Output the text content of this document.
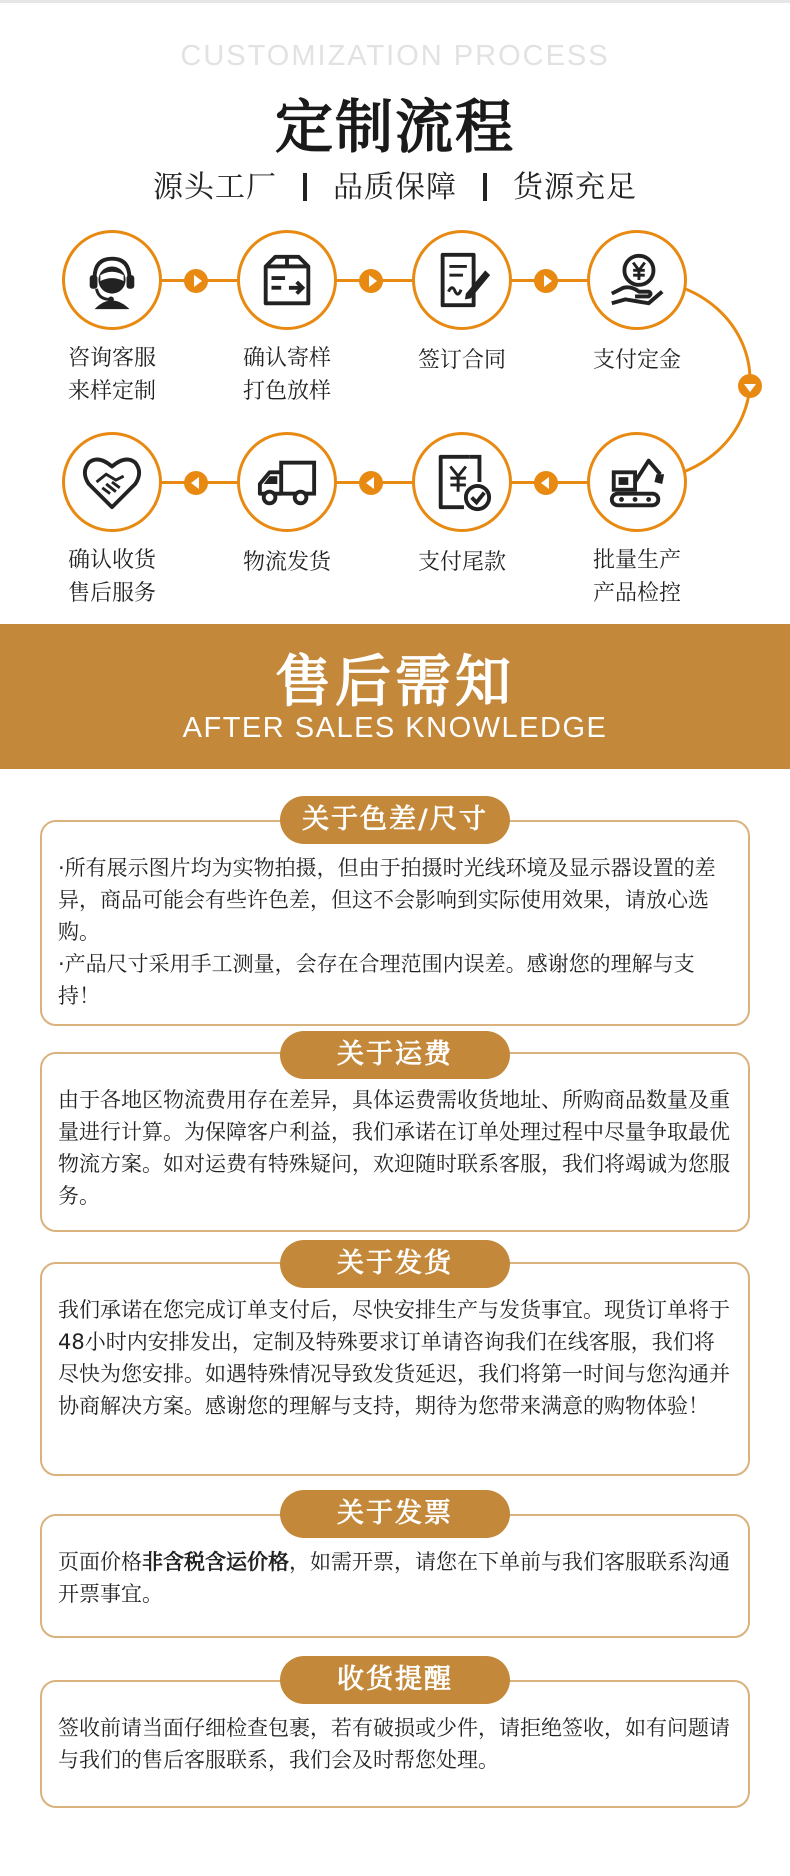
CUSTOMIZATION PROCESS
定制流程
源头工厂 品质保障 货源充足
咨询客服
来样定制
确认寄样
打色放样
签订合同	支付定金
批量生产
产品检控
支付尾款
物流发货
确认收货
售后服务
售后需知
AFTER SALES KNOWLEDGE

·所有展示图片均为实物拍摄，但由于拍摄时光线环境及显示器设置的差异，商品可能会有些许色差，但这不会影响到实际使用效果，请放心选购。

·产品尺寸采用手工测量，会存在合理范围内误差。感谢您的理解与支持！

关于色差/尺寸

由于各地区物流费用存在差异，具体运费需收货地址、所购商品数量及重量进行计算。为保障客户利益，我们承诺在订单处理过程中尽量争取最优物流方案。如对运费有特殊疑问，欢迎随时联系客服，我们将竭诚为您服务。

关于运费

我们承诺在您完成订单支付后，尽快安排生产与发货事宜。现货订单将于48小时内安排发出，定制及特殊要求订单请咨询我们在线客服，我们将尽快为您安排。如遇特殊情况导致发货延迟，我们将第一时间与您沟通并协商解决方案。感谢您的理解与支持，期待为您带来满意的购物体验！

关于发货

页面价格非含税含运价格，如需开票，请您在下单前与我们客服联系沟通开票事宜。

关于发票

签收前请当面仔细检查包裹，若有破损或少件，请拒绝签收，如有问题请与我们的售后客服联系，我们会及时帮您处理。

收货提醒
